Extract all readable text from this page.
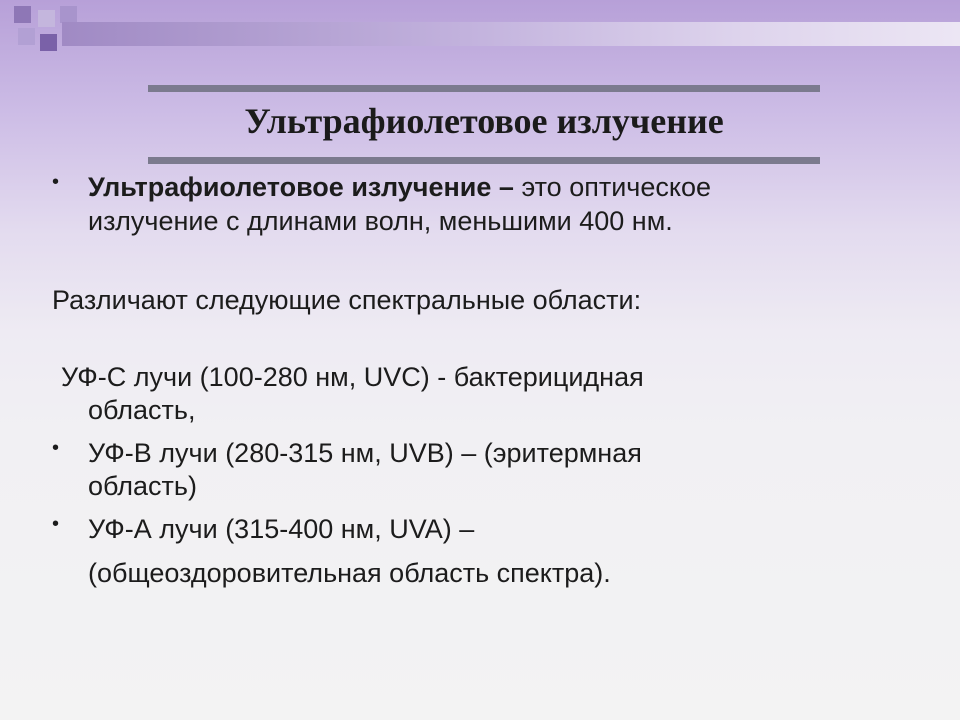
Ультрафиолетовое излучение
• Ультрафиолетовое излучение – это оптическое
излучение с длинами волн, меньшими 400 нм.
Различают следующие спектральные области:
УФ-С лучи (100-280 нм, UVC) - бактерицидная
область,
• УФ-В лучи (280-315 нм, UVB) – (эритермная
область)
• УФ-А лучи (315-400 нм, UVA) –
(общеоздоровительная область спектра).
